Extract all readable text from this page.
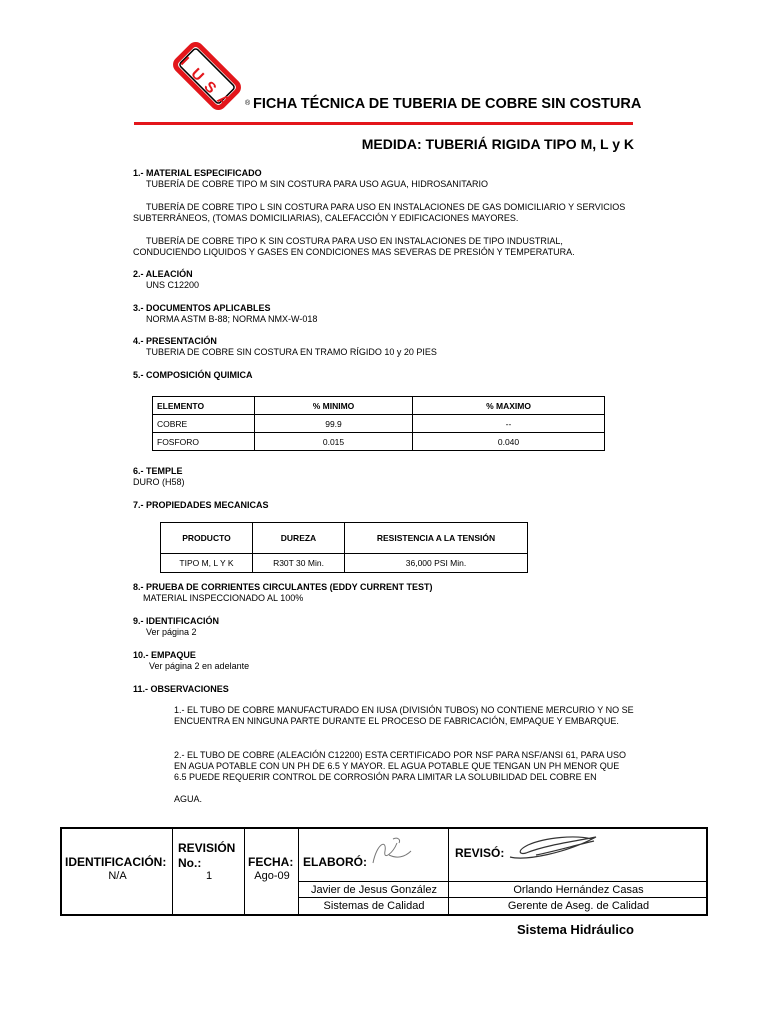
I
U
S
A ® FICHA TÉCNICA DE TUBERIA DE COBRE SIN COSTURA
MEDIDA: TUBERIÁ RIGIDA TIPO M, L y K
1.- MATERIAL ESPECIFICADO
TUBERÍA DE COBRE TIPO M SIN COSTURA PARA USO AGUA, HIDROSANITARIO
TUBERÍA DE COBRE TIPO L SIN COSTURA PARA USO EN INSTALACIONES DE GAS DOMICILIARIO Y SERVICIOS SUBTERRÁNEOS, (TOMAS DOMICILIARIAS), CALEFACCIÓN Y EDIFICACIONES MAYORES.
TUBERÍA DE COBRE TIPO K SIN COSTURA PARA USO EN INSTALACIONES DE TIPO INDUSTRIAL, CONDUCIENDO LIQUIDOS Y GASES EN CONDICIONES MAS SEVERAS DE PRESIÓN Y TEMPERATURA.
2.- ALEACIÓN
UNS C12200
3.- DOCUMENTOS APLICABLES
NORMA ASTM B-88; NORMA NMX-W-018
4.- PRESENTACIÓN
TUBERIA DE COBRE SIN COSTURA EN TRAMO RÍGIDO 10 y 20 PIES
5.- COMPOSICIÓN QUIMICA
ELEMENTO	% MINIMO	% MAXIMO
COBRE	99.9	--
FOSFORO	0.015	0.040
6.- TEMPLE
DURO (H58)
7.- PROPIEDADES MECANICAS
PRODUCTO	DUREZA	RESISTENCIA A LA TENSIÓN
TIPO M, L Y K	R30T 30 Min.	36,000 PSI Min.
8.- PRUEBA DE CORRIENTES CIRCULANTES (EDDY CURRENT TEST)
MATERIAL INSPECCIONADO AL 100%
9.- IDENTIFICACIÓN
Ver página 2
10.- EMPAQUE
Ver página 2 en adelante
11.- OBSERVACIONES
1.- EL TUBO DE COBRE MANUFACTURADO EN IUSA (DIVISIÓN TUBOS) NO CONTIENE MERCURIO Y NO SE ENCUENTRA EN NINGUNA PARTE DURANTE EL PROCESO DE FABRICACIÓN, EMPAQUE Y EMBARQUE.
2.- EL TUBO DE COBRE (ALEACIÓN C12200) ESTA CERTIFICADO POR NSF PARA NSF/ANSI 61, PARA USO EN AGUA POTABLE CON UN PH DE 6.5 Y MAYOR. EL AGUA POTABLE QUE TENGAN UN PH MENOR QUE 6.5 PUEDE REQUERIR CONTROL DE CORROSIÓN PARA LIMITAR LA SOLUBILIDAD DEL COBRE EN
AGUA.
IDENTIFICACIÓN:
N/A
REVISIÓN No.:
1
FECHA:
Ago-09
ELABORÓ:
Javier de Jesus González
Sistemas de Calidad
REVISÓ:
Orlando Hernández Casas
Gerente de Aseg. de Calidad
Sistema Hidráulico
